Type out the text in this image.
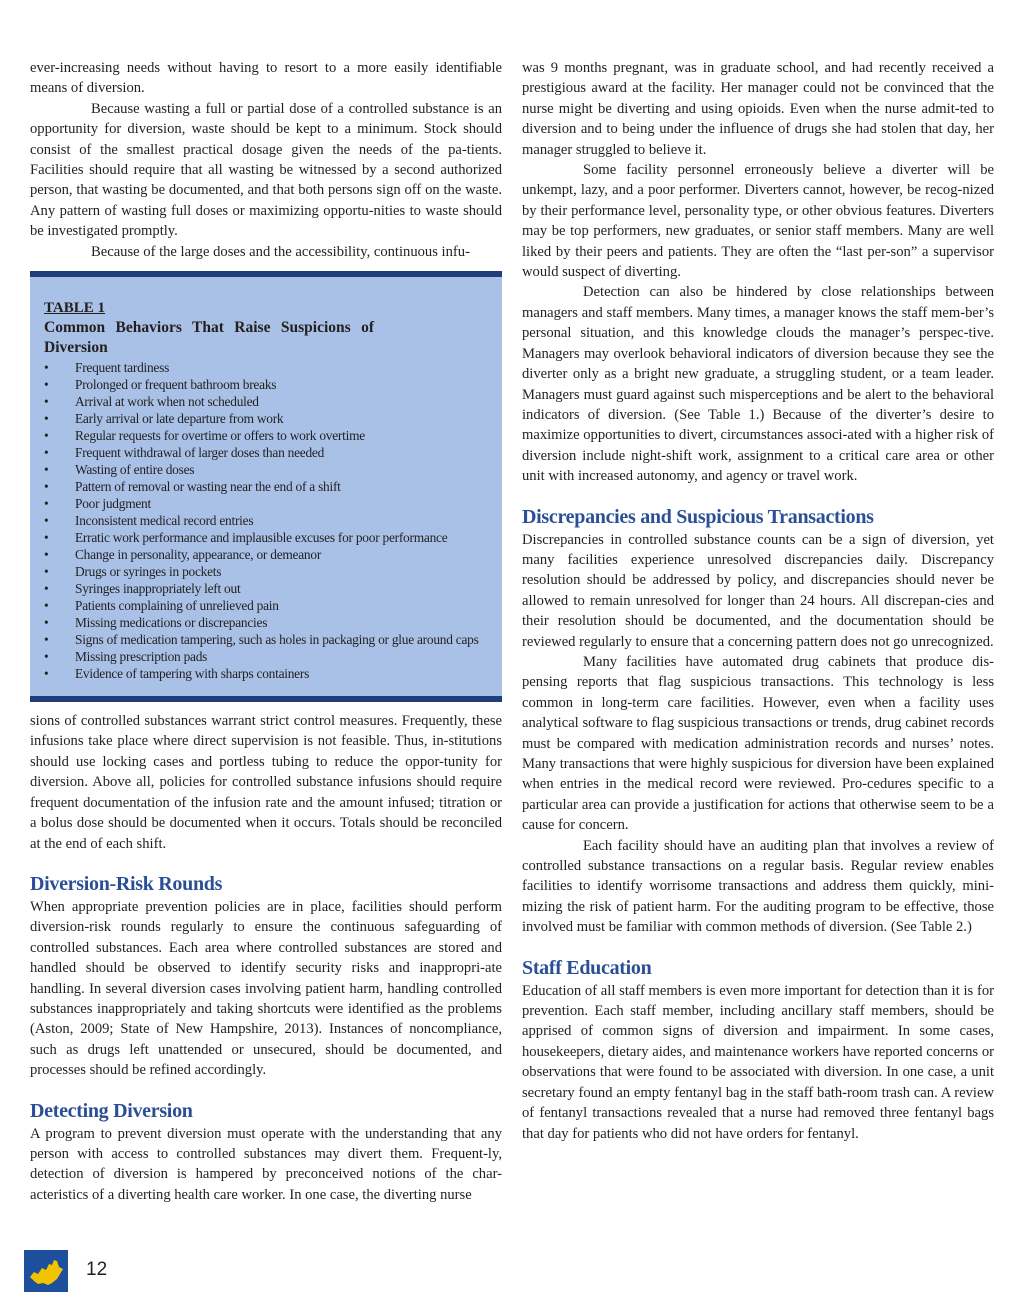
ever-increasing needs without having to resort to a more easily identifiable means of diversion.

Because wasting a full or partial dose of a controlled substance is an opportunity for diversion, waste should be kept to a minimum. Stock should consist of the smallest practical dosage given the needs of the pa-tients. Facilities should require that all wasting be witnessed by a second authorized person, that wasting be documented, and that both persons sign off on the waste. Any pattern of wasting full doses or maximizing opportu-nities to waste should be investigated promptly.

Because of the large doses and the accessibility, continuous infu-

TABLE 1

Common Behaviors That Raise Suspicions of Diversion

• Frequent tardiness
• Prolonged or frequent bathroom breaks
• Arrival at work when not scheduled
• Early arrival or late departure from work
• Regular requests for overtime or offers to work overtime
• Frequent withdrawal of larger doses than needed
• Wasting of entire doses
• Pattern of removal or wasting near the end of a shift
• Poor judgment
• Inconsistent medical record entries
• Erratic work performance and implausible excuses for poor performance
• Change in personality, appearance, or demeanor
• Drugs or syringes in pockets
• Syringes inappropriately left out
• Patients complaining of unrelieved pain
• Missing medications or discrepancies
• Signs of medication tampering, such as holes in packaging or glue around caps
• Missing prescription pads
• Evidence of tampering with sharps containers

sions of controlled substances warrant strict control measures. Frequently, these infusions take place where direct supervision is not feasible. Thus, in-stitutions should use locking cases and portless tubing to reduce the oppor-tunity for diversion. Above all, policies for controlled substance infusions should require frequent documentation of the infusion rate and the amount infused; titration or a bolus dose should be documented when it occurs. Totals should be reconciled at the end of each shift.

Diversion-Risk Rounds

When appropriate prevention policies are in place, facilities should perform diversion-risk rounds regularly to ensure the continuous safeguarding of controlled substances. Each area where controlled substances are stored and handled should be observed to identify security risks and inappropri-ate handling. In several diversion cases involving patient harm, handling controlled substances inappropriately and taking shortcuts were identified as the problems (Aston, 2009; State of New Hampshire, 2013). Instances of noncompliance, such as drugs left unattended or unsecured, should be documented, and processes should be refined accordingly.

Detecting Diversion

A program to prevent diversion must operate with the understanding that any person with access to controlled substances may divert them. Frequent-ly, detection of diversion is hampered by preconceived notions of the char-acteristics of a diverting health care worker. In one case, the diverting nurse

was 9 months pregnant, was in graduate school, and had recently received a prestigious award at the facility. Her manager could not be convinced that the nurse might be diverting and using opioids. Even when the nurse admit-ted to diversion and to being under the influence of drugs she had stolen that day, her manager struggled to believe it.

Some facility personnel erroneously believe a diverter will be unkempt, lazy, and a poor performer. Diverters cannot, however, be recog-nized by their performance level, personality type, or other obvious features. Diverters may be top performers, new graduates, or senior staff members. Many are well liked by their peers and patients. They are often the “last per-son” a supervisor would suspect of diverting.

Detection can also be hindered by close relationships between managers and staff members. Many times, a manager knows the staff mem-ber’s personal situation, and this knowledge clouds the manager’s perspec-tive. Managers may overlook behavioral indicators of diversion because they see the diverter only as a bright new graduate, a struggling student, or a team leader. Managers must guard against such misperceptions and be alert to the behavioral indicators of diversion. (See Table 1.) Because of the diverter’s desire to maximize opportunities to divert, circumstances associ-ated with a higher risk of diversion include night-shift work, assignment to a critical care area or other unit with increased autonomy, and agency or travel work.

Discrepancies and Suspicious Transactions

Discrepancies in controlled substance counts can be a sign of diversion, yet many facilities experience unresolved discrepancies daily. Discrepancy resolution should be addressed by policy, and discrepancies should never be allowed to remain unresolved for longer than 24 hours. All discrepan-cies and their resolution should be documented, and the documentation should be reviewed regularly to ensure that a concerning pattern does not go unrecognized.

Many facilities have automated drug cabinets that produce dis-pensing reports that flag suspicious transactions. This technology is less common in long-term care facilities. However, even when a facility uses analytical software to flag suspicious transactions or trends, drug cabinet records must be compared with medication administration records and nurses’ notes. Many transactions that were highly suspicious for diversion have been explained when entries in the medical record were reviewed. Pro-cedures specific to a particular area can provide a justification for actions that otherwise seem to be a cause for concern.

Each facility should have an auditing plan that involves a review of controlled substance transactions on a regular basis. Regular review enables facilities to identify worrisome transactions and address them quickly, mini-mizing the risk of patient harm. For the auditing program to be effective, those involved must be familiar with common methods of diversion. (See Table 2.)

Staff Education

Education of all staff members is even more important for detection than it is for prevention. Each staff member, including ancillary staff members, should be apprised of common signs of diversion and impairment. In some cases, housekeepers, dietary aides, and maintenance workers have reported concerns or observations that were found to be associated with diversion. In one case, a unit secretary found an empty fentanyl bag in the staff bath-room trash can. A review of fentanyl transactions revealed that a nurse had removed three fentanyl bags that day for patients who did not have orders for fentanyl.

12
